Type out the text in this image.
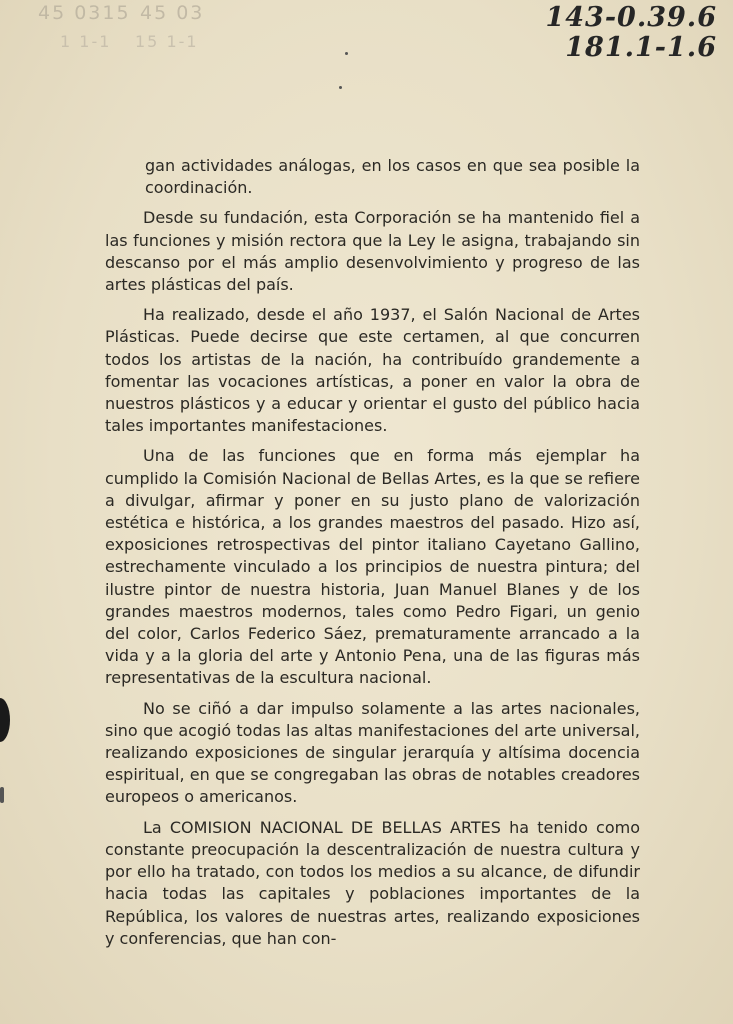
45 0315 45 03
1 1-1 15 1-1
143-0.39.6
181.1-1.6

gan actividades análogas, en los casos en que sea posible la coordinación.

Desde su fundación, esta Corporación se ha mantenido fiel a las funciones y misión rectora que la Ley le asigna, trabajando sin descanso por el más amplio desenvolvimiento y progreso de las artes plásticas del país.

Ha realizado, desde el año 1937, el Salón Nacional de Artes Plásticas. Puede decirse que este certamen, al que concurren todos los artistas de la nación, ha contribuído grandemente a fomentar las vocaciones artísticas, a poner en valor la obra de nuestros plásticos y a educar y orientar el gusto del público hacia tales importantes manifestaciones.

Una de las funciones que en forma más ejemplar ha cumplido la Comisión Nacional de Bellas Artes, es la que se refiere a divulgar, afirmar y poner en su justo plano de valorización estética e histórica, a los grandes maestros del pasado. Hizo así, exposiciones retrospectivas del pintor italiano Cayetano Gallino, estrechamente vinculado a los principios de nuestra pintura; del ilustre pintor de nuestra historia, Juan Manuel Blanes y de los grandes maestros modernos, tales como Pedro Figari, un genio del color, Carlos Federico Sáez, prematuramente arrancado a la vida y a la gloria del arte y Antonio Pena, una de las figuras más representativas de la escultura nacional.

No se ciñó a dar impulso solamente a las artes nacionales, sino que acogió todas las altas manifestaciones del arte universal, realizando exposiciones de singular jerarquía y altísima docencia espiritual, en que se congregaban las obras de notables creadores europeos o americanos.

La COMISION NACIONAL DE BELLAS ARTES ha tenido como constante preocupación la descentralización de nuestra cultura y por ello ha tratado, con todos los medios a su alcance, de difundir hacia todas las capitales y poblaciones importantes de la República, los valores de nuestras artes, realizando exposiciones y conferencias, que han con-
